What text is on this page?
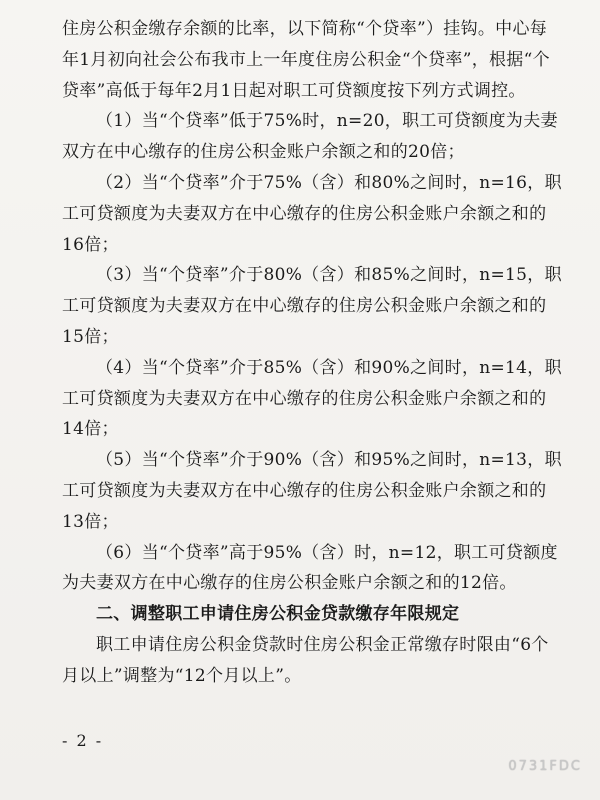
住房公积金缴存余额的比率，以下简称“个贷率”）挂钩。中心每年1月初向社会公布我市上一年度住房公积金“个贷率”，根据“个贷率”高低于每年2月1日起对职工可贷额度按下列方式调控。

（1）当“个贷率”低于75%时，n=20，职工可贷额度为夫妻双方在中心缴存的住房公积金账户余额之和的20倍；

（2）当“个贷率”介于75%（含）和80%之间时，n=16，职工可贷额度为夫妻双方在中心缴存的住房公积金账户余额之和的16倍；

（3）当“个贷率”介于80%（含）和85%之间时，n=15，职工可贷额度为夫妻双方在中心缴存的住房公积金账户余额之和的15倍；

（4）当“个贷率”介于85%（含）和90%之间时，n=14，职工可贷额度为夫妻双方在中心缴存的住房公积金账户余额之和的14倍；

（5）当“个贷率”介于90%（含）和95%之间时，n=13，职工可贷额度为夫妻双方在中心缴存的住房公积金账户余额之和的13倍；

（6）当“个贷率”高于95%（含）时，n=12，职工可贷额度为夫妻双方在中心缴存的住房公积金账户余额之和的12倍。

二、调整职工申请住房公积金贷款缴存年限规定

职工申请住房公积金贷款时住房公积金正常缴存时限由“6个月以上”调整为“12个月以上”。

- 2 -
0731FDC
